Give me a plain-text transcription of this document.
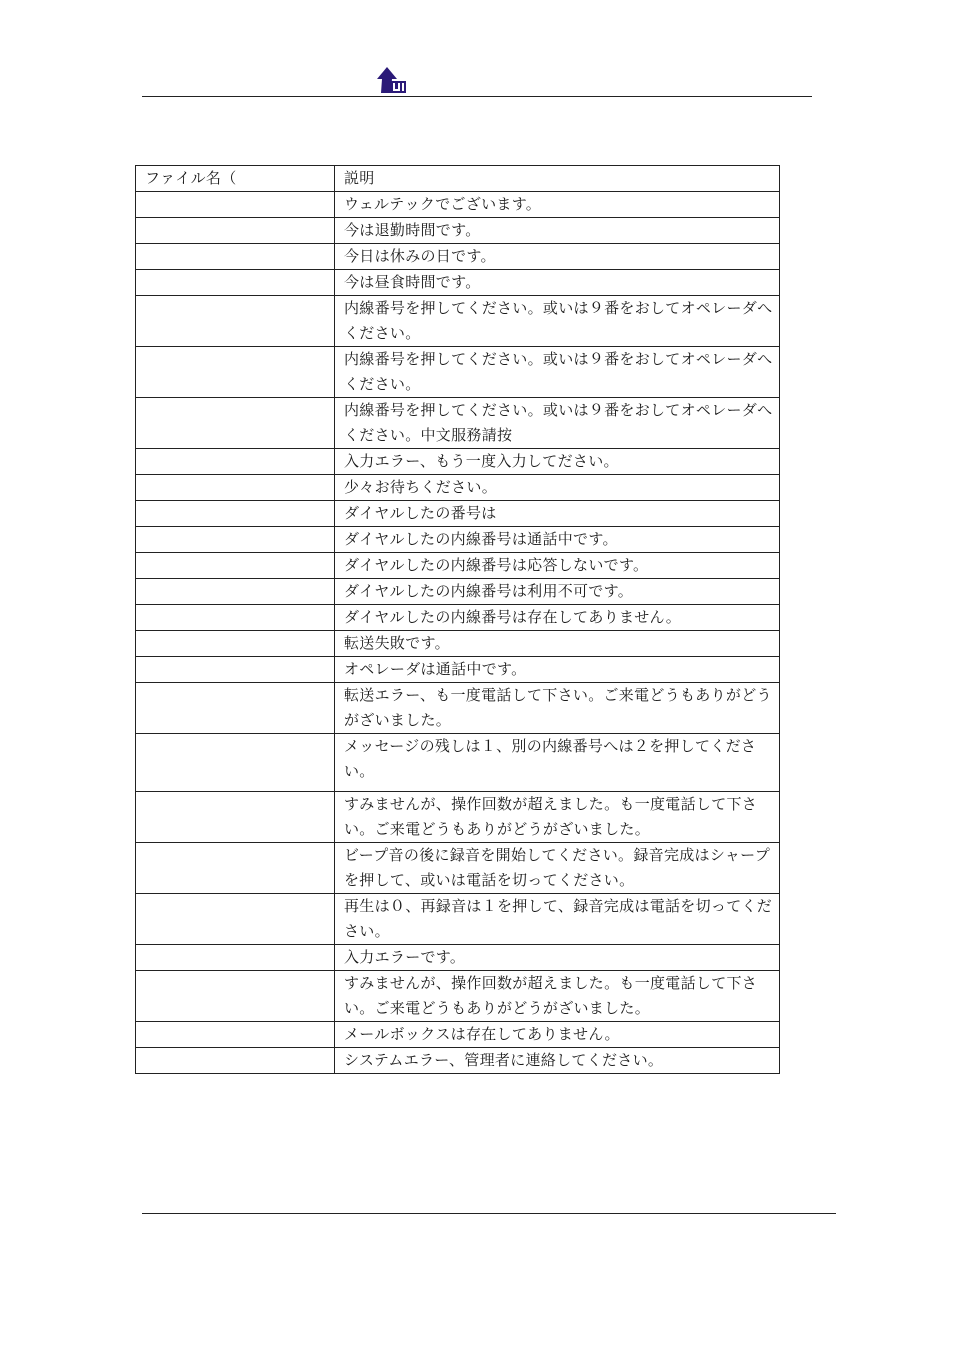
ファイル名（	説明
	ウェルテックでございます。
	今は退勤時間です。
	今日は休みの日です。
	今は昼食時間です。
	内線番号を押してください。或いは９番をおしてオペレーダへください。
	内線番号を押してください。或いは９番をおしてオペレーダへください。
	内線番号を押してください。或いは９番をおしてオペレーダへください。中文服務請按
	入力エラー、もう一度入力してださい。
	少々お待ちください。
	ダイヤルしたの番号は
	ダイヤルしたの内線番号は通話中です。
	ダイヤルしたの内線番号は応答しないです。
	ダイヤルしたの内線番号は利用不可です。
	ダイヤルしたの内線番号は存在してありません。
	転送失敗です。
	オペレーダは通話中です。
	転送エラー、も一度電話して下さい。ご来電どうもありがどうがざいました。
	メッセージの残しは１、別の内線番号へは２を押してください。
	すみませんが、操作回数が超えました。も一度電話して下さい。ご来電どうもありがどうがざいました。
	ビープ音の後に録音を開始してください。録音完成はシャープを押して、或いは電話を切ってください。
	再生は０、再録音は１を押して、録音完成は電話を切ってください。
	入力エラーです。
	すみませんが、操作回数が超えました。も一度電話して下さい。ご来電どうもありがどうがざいました。
	メールボックスは存在してありません。
	システムエラー、管理者に連絡してください。
